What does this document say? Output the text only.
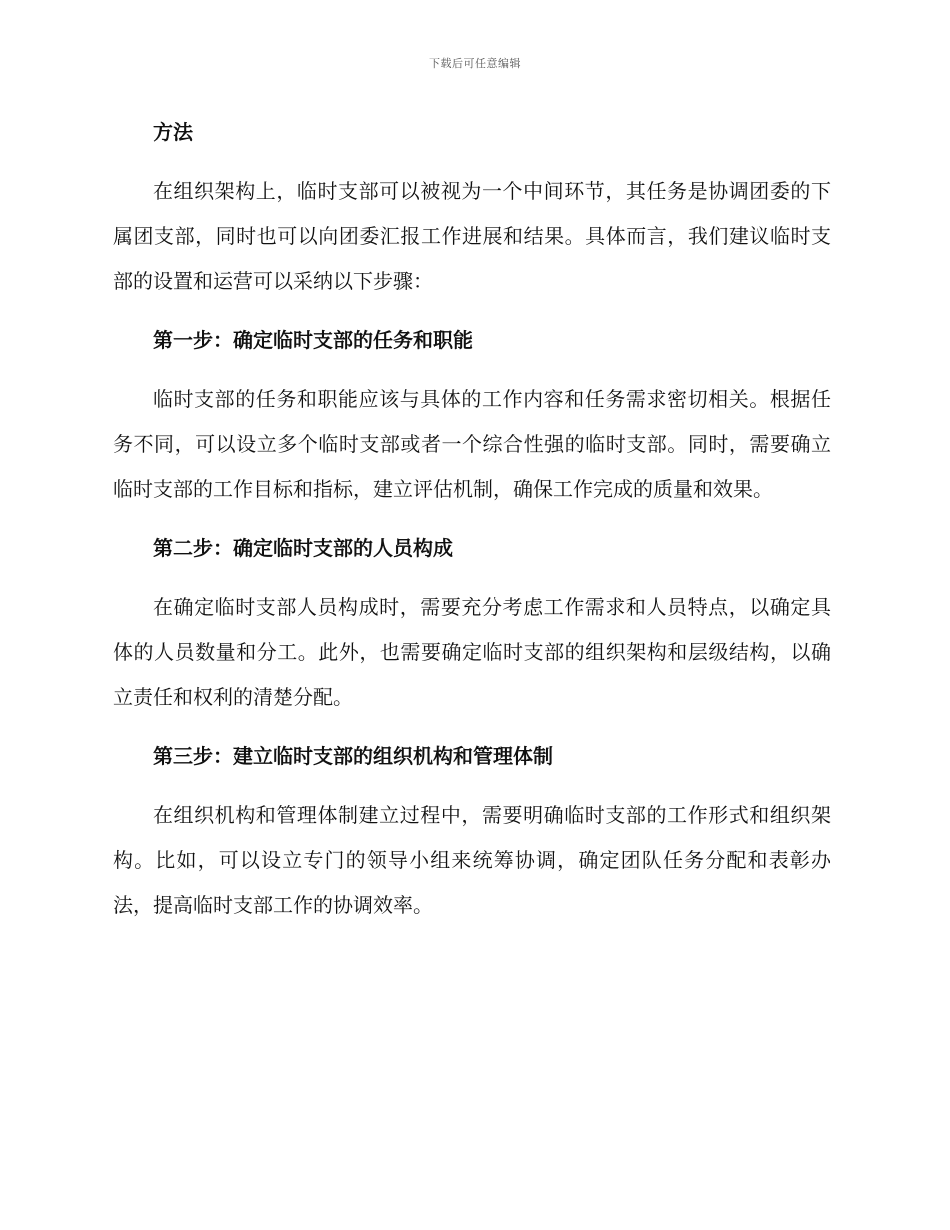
下载后可任意编辑
方法
在组织架构上，临时支部可以被视为一个中间环节，其任务是协调团委的下属团支部，同时也可以向团委汇报工作进展和结果。具体而言，我们建议临时支部的设置和运营可以采纳以下步骤：
第一步：确定临时支部的任务和职能
临时支部的任务和职能应该与具体的工作内容和任务需求密切相关。根据任务不同，可以设立多个临时支部或者一个综合性强的临时支部。同时，需要确立临时支部的工作目标和指标，建立评估机制，确保工作完成的质量和效果。
第二步：确定临时支部的人员构成
在确定临时支部人员构成时，需要充分考虑工作需求和人员特点，以确定具体的人员数量和分工。此外，也需要确定临时支部的组织架构和层级结构，以确立责任和权利的清楚分配。
第三步：建立临时支部的组织机构和管理体制
在组织机构和管理体制建立过程中，需要明确临时支部的工作形式和组织架构。比如，可以设立专门的领导小组来统筹协调，确定团队任务分配和表彰办法，提高临时支部工作的协调效率。
